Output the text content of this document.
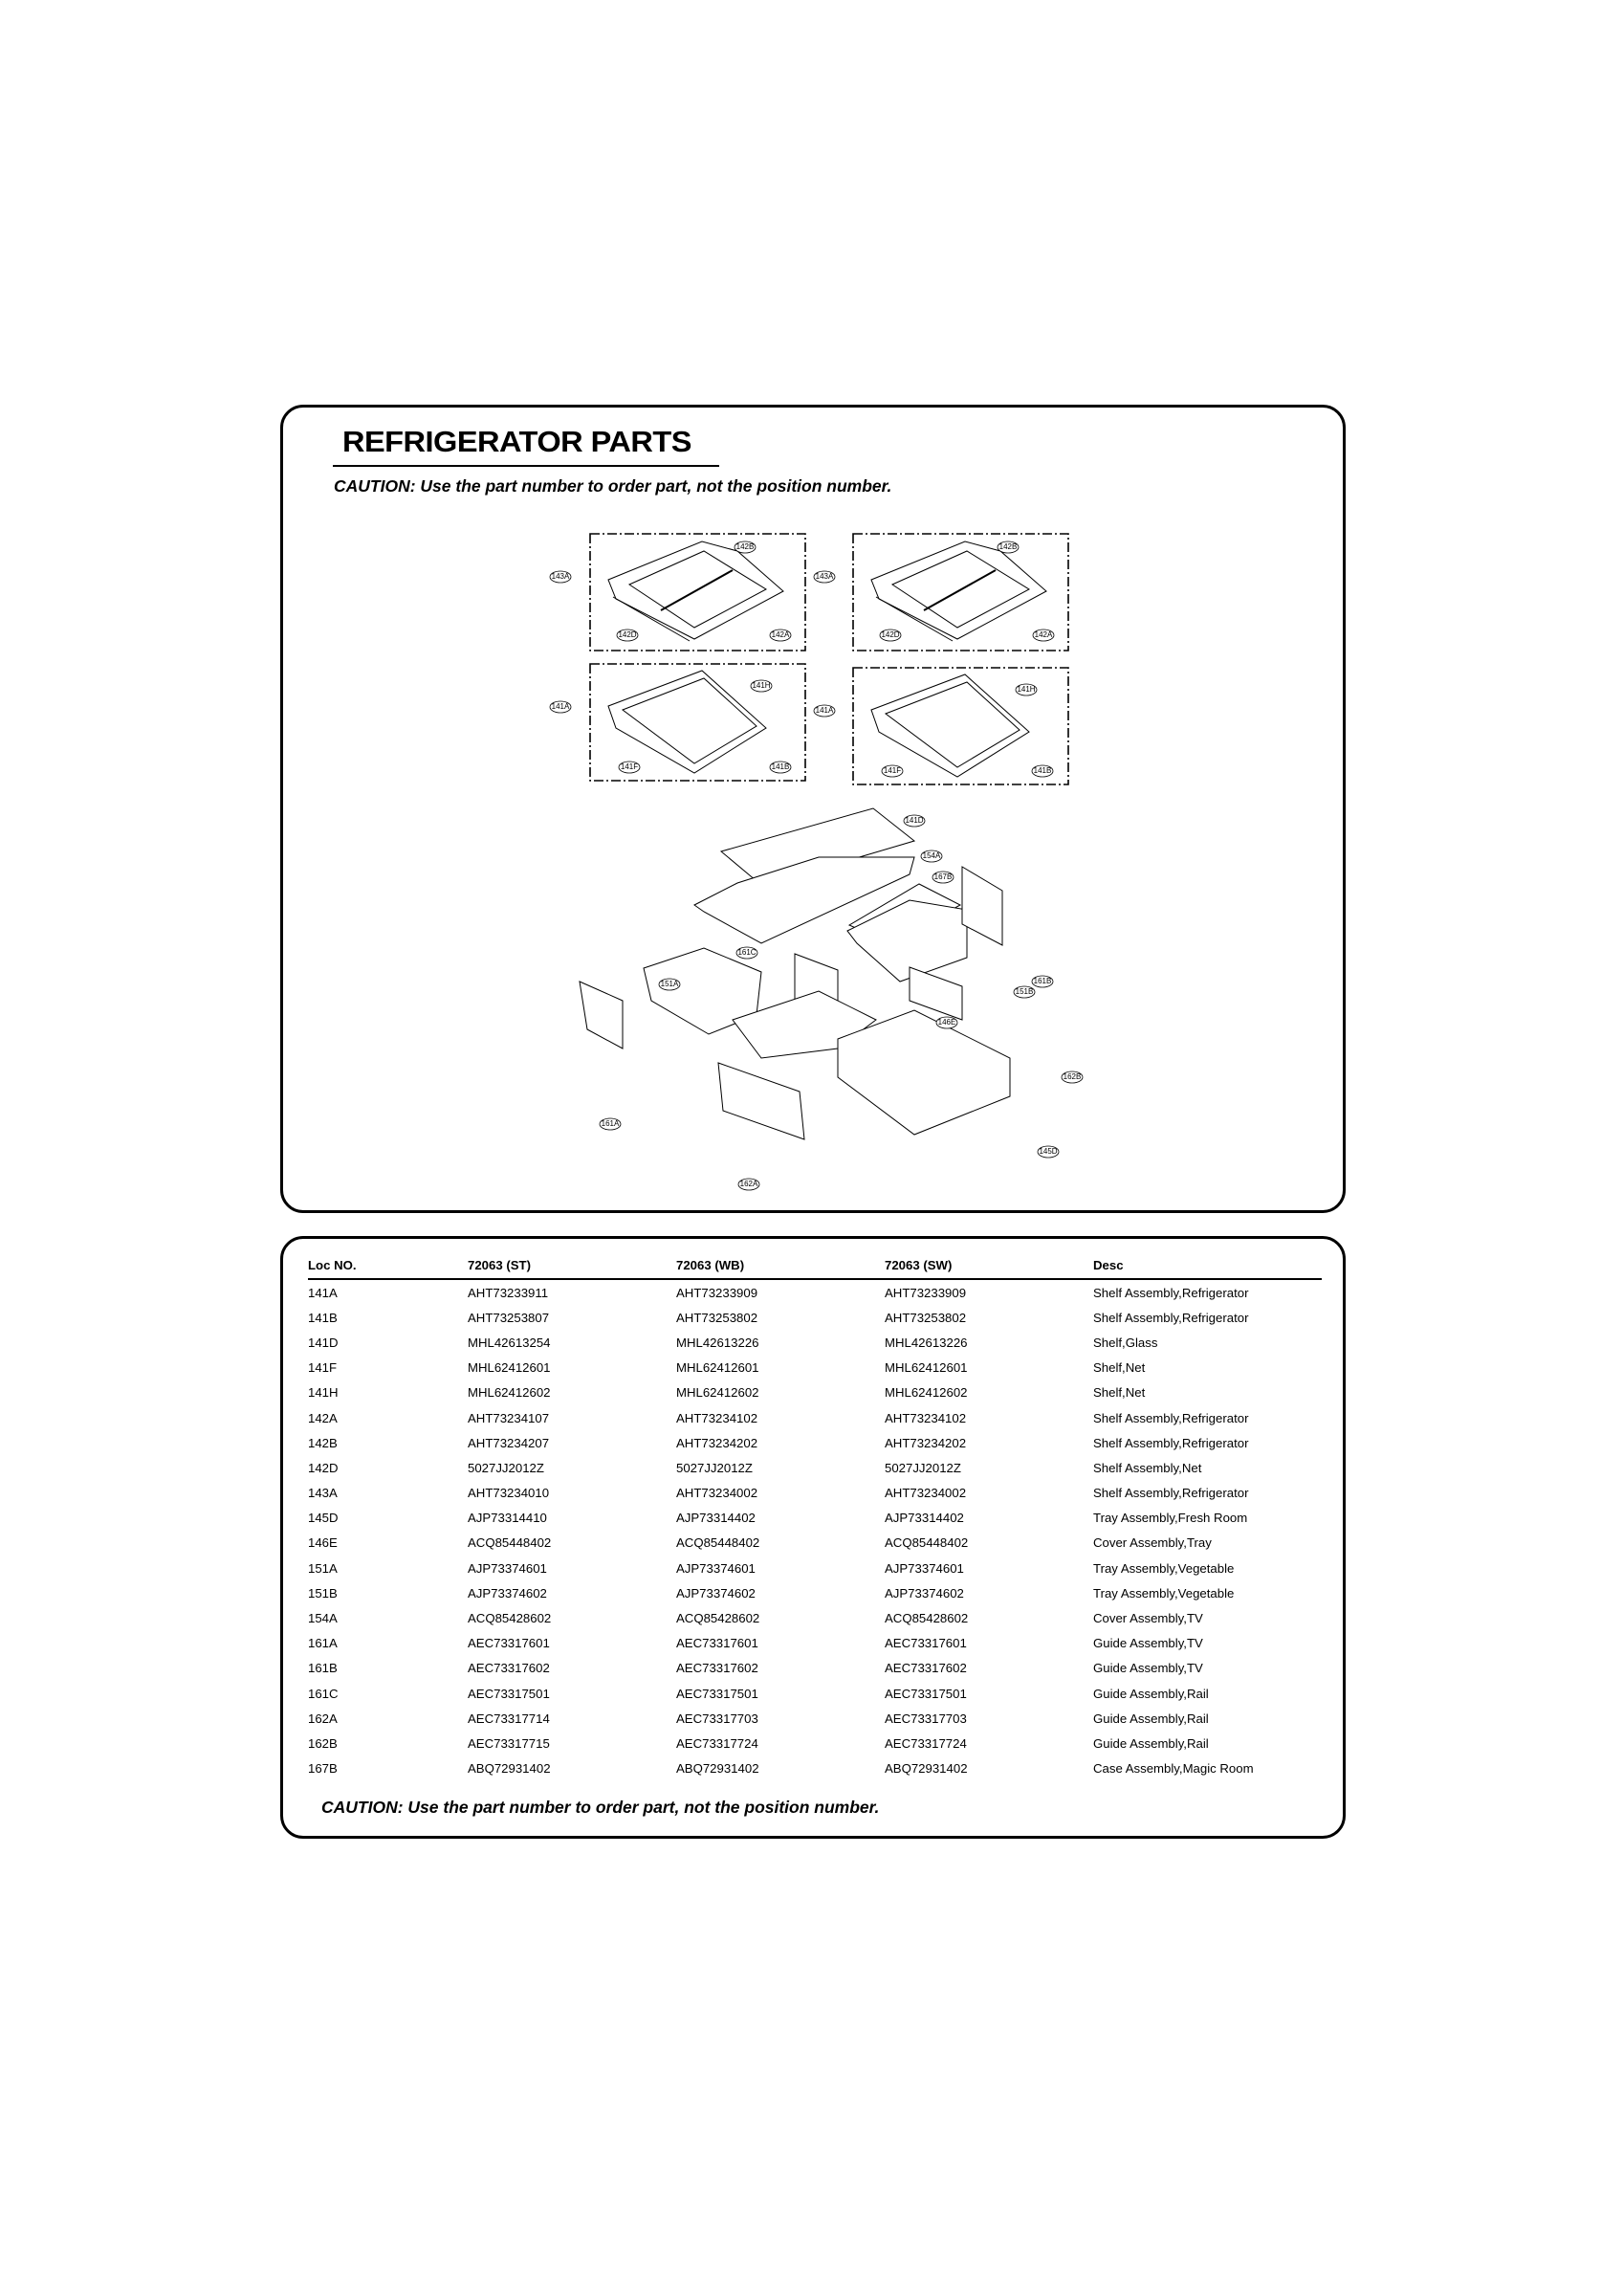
REFRIGERATOR PARTS
CAUTION: Use the part number to order part, not the position number.
143A
142B
142D	142A
143A
142B
142D	142A
141A
141H
141F	141B
141A
141H
141F	141B
141D
154A
167B
161C
161B
151A
151B
146E
162B
161A
145D
162A
Loc NO.	72063 (ST)	72063 (WB)	72063 (SW)	Desc
141A	AHT73233911	AHT73233909	AHT73233909	Shelf Assembly,Refrigerator
141B	AHT73253807	AHT73253802	AHT73253802	Shelf Assembly,Refrigerator
141D	MHL42613254	MHL42613226	MHL42613226	Shelf,Glass
141F	MHL62412601	MHL62412601	MHL62412601	Shelf,Net
141H	MHL62412602	MHL62412602	MHL62412602	Shelf,Net
142A	AHT73234107	AHT73234102	AHT73234102	Shelf Assembly,Refrigerator
142B	AHT73234207	AHT73234202	AHT73234202	Shelf Assembly,Refrigerator
142D	5027JJ2012Z	5027JJ2012Z	5027JJ2012Z	Shelf Assembly,Net
143A	AHT73234010	AHT73234002	AHT73234002	Shelf Assembly,Refrigerator
145D	AJP73314410	AJP73314402	AJP73314402	Tray Assembly,Fresh Room
146E	ACQ85448402	ACQ85448402	ACQ85448402	Cover Assembly,Tray
151A	AJP73374601	AJP73374601	AJP73374601	Tray Assembly,Vegetable
151B	AJP73374602	AJP73374602	AJP73374602	Tray Assembly,Vegetable
154A	ACQ85428602	ACQ85428602	ACQ85428602	Cover Assembly,TV
161A	AEC73317601	AEC73317601	AEC73317601	Guide Assembly,TV
161B	AEC73317602	AEC73317602	AEC73317602	Guide Assembly,TV
161C	AEC73317501	AEC73317501	AEC73317501	Guide Assembly,Rail
162A	AEC73317714	AEC73317703	AEC73317703	Guide Assembly,Rail
162B	AEC73317715	AEC73317724	AEC73317724	Guide Assembly,Rail
167B	ABQ72931402	ABQ72931402	ABQ72931402	Case Assembly,Magic Room
CAUTION: Use the part number to order part, not the position number.
